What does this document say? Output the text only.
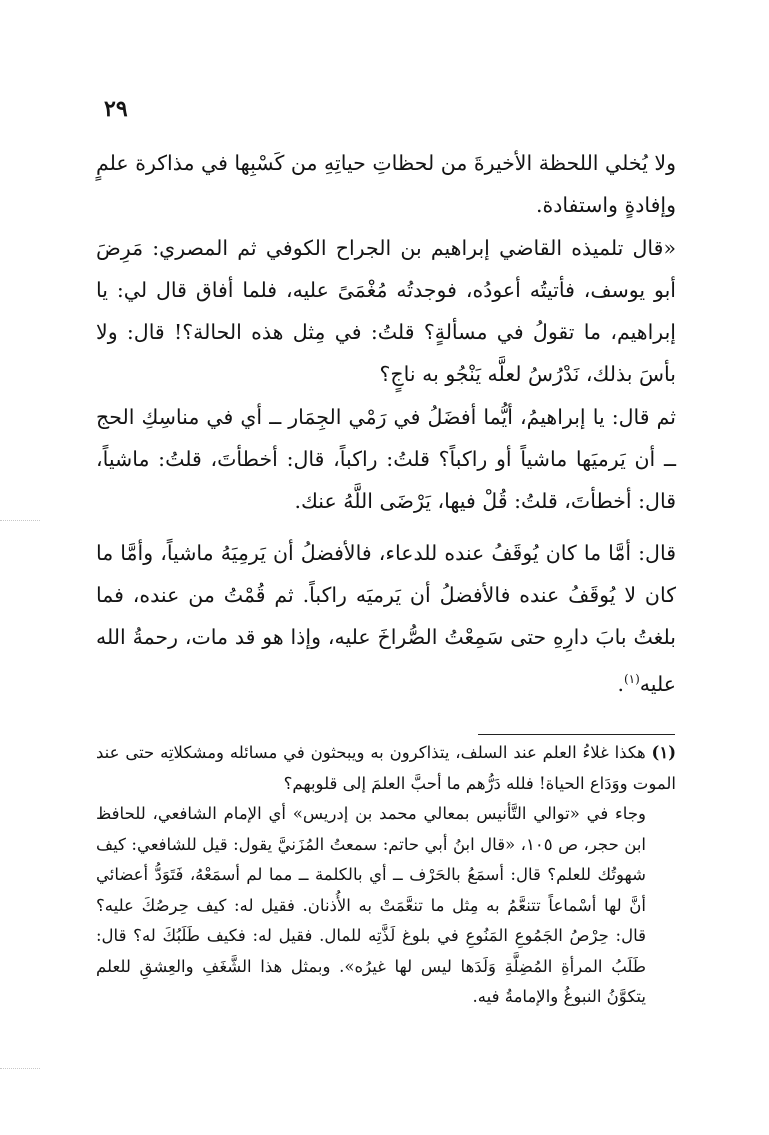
٢٩

ولا يُخلي اللحظة الأخيرةَ من لحظاتِ حياتِهِ من كَسْبِها في مذاكرة علمٍ وإفادةٍ واستفادة.

«قال تلميذه القاضي إبراهيم بن الجراح الكوفي ثم المصري: مَرِضَ أبو يوسف، فأتيتُه أعودُه، فوجدتُه مُغْمَىً عليه، فلما أفاق قال لي: يا إبراهيم، ما تقولُ في مسألةٍ؟ قلتُ: في مِثل هذه الحالة؟! قال: ولا بأسَ بذلك، نَدْرُسُ لعلَّه يَنْجُو به ناجٍ؟

ثم قال: يا إبراهيمُ، أيُّما أفضَلُ في رَمْي الجِمَار ــ أي في مناسِكِ الحج ــ أن يَرميَها ماشياً أو راكباً؟ قلتُ: راكباً، قال: أخطأتَ، قلتُ: ماشياً، قال: أخطأتَ، قلتُ: قُلْ فيها، يَرْضَى اللَّهُ عنك.

قال: أمَّا ما كان يُوقَفُ عنده للدعاء، فالأفضلُ أن يَرمِيَهُ ماشياً، وأمَّا ما كان لا يُوقَفُ عنده فالأفضلُ أن يَرميَه راكباً. ثم قُمْتُ من عنده، فما بلغتُ بابَ دارِهِ حتى سَمِعْتُ الصُّراخَ عليه، وإذا هو قد مات، رحمةُ الله عليه$^{(١)}$.

(١) هكذا غلاءُ العلم عند السلف، يتذاكرون به ويبحثون في مسائله ومشكلاتِه حتى عند الموت ووَدَاع الحياة! فلله دَرُّهم ما أحبَّ العلمَ إلى قلوبهم؟

وجاء في «توالي التَّأنيس بمعالي محمد بن إدريس» أي الإمام الشافعي، للحافظ ابن حجر، ص ١٠٥، «قال ابنُ أبي حاتم: سمعتُ المُزَنيَّ يقول: قيل للشافعي: كيف شهوتُك للعلم؟ قال: أسمَعُ بالحَرْف ــ أي بالكلمة ــ مما لم أسمَعْهُ، فَتَوَدُّ أعضائي أنَّ لها أسْماعاً تتنعَّمُ به مِثل ما تنعَّمَتْ به الأُذنان. فقيل له: كيف حِرصُكَ عليه؟ قال: حِرْصُ الجَمُوعِ المَنُوعِ في بلوغ لَذَّتِه للمال. فقيل له: فكيف طَلَبُكَ له؟ قال: طَلَبُ المرأةِ المُضِلَّةِ وَلَدَها ليس لها غيرُه». وبمثل هذا الشَّغَفِ والعِشقِ للعلم يتكوَّنُ النبوغُ والإمامةُ فيه.
